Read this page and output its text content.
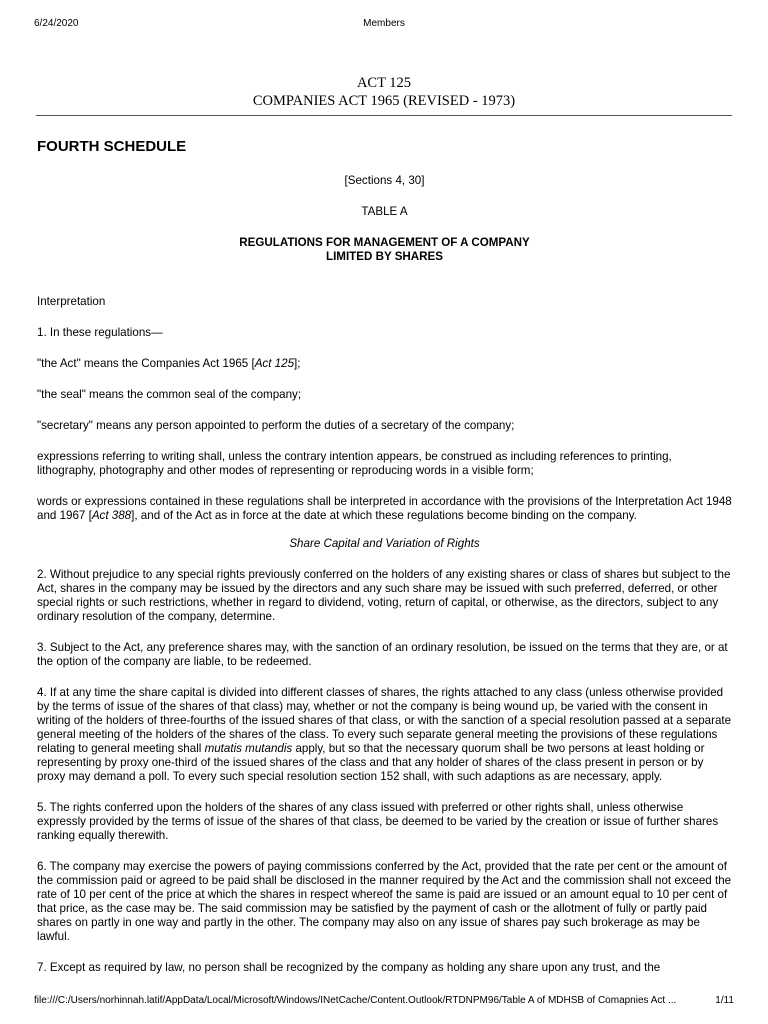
6/24/2020	Members
ACT 125
COMPANIES ACT 1965 (REVISED - 1973)

FOURTH SCHEDULE

[Sections 4, 30]

TABLE A

REGULATIONS FOR MANAGEMENT OF A COMPANY
LIMITED BY SHARES

Interpretation

1. In these regulations—

"the Act" means the Companies Act 1965 [Act 125];

"the seal" means the common seal of the company;

"secretary" means any person appointed to perform the duties of a secretary of the company;

expressions referring to writing shall, unless the contrary intention appears, be construed as including references to printing, lithography, photography and other modes of representing or reproducing words in a visible form;

words or expressions contained in these regulations shall be interpreted in accordance with the provisions of the Interpretation Act 1948 and 1967 [Act 388], and of the Act as in force at the date at which these regulations become binding on the company.

Share Capital and Variation of Rights

2. Without prejudice to any special rights previously conferred on the holders of any existing shares or class of shares but subject to the Act, shares in the company may be issued by the directors and any such share may be issued with such preferred, deferred, or other special rights or such restrictions, whether in regard to dividend, voting, return of capital, or otherwise, as the directors, subject to any ordinary resolution of the company, determine.

3. Subject to the Act, any preference shares may, with the sanction of an ordinary resolution, be issued on the terms that they are, or at the option of the company are liable, to be redeemed.

4. If at any time the share capital is divided into different classes of shares, the rights attached to any class (unless otherwise provided by the terms of issue of the shares of that class) may, whether or not the company is being wound up, be varied with the consent in writing of the holders of three-fourths of the issued shares of that class, or with the sanction of a special resolution passed at a separate general meeting of the holders of the shares of the class. To every such separate general meeting the provisions of these regulations relating to general meeting shall mutatis mutandis apply, but so that the necessary quorum shall be two persons at least holding or representing by proxy one-third of the issued shares of the class and that any holder of shares of the class present in person or by proxy may demand a poll. To every such special resolution section 152 shall, with such adaptions as are necessary, apply.

5. The rights conferred upon the holders of the shares of any class issued with preferred or other rights shall, unless otherwise expressly provided by the terms of issue of the shares of that class, be deemed to be varied by the creation or issue of further shares ranking equally therewith.

6. The company may exercise the powers of paying commissions conferred by the Act, provided that the rate per cent or the amount of the commission paid or agreed to be paid shall be disclosed in the manner required by the Act and the commission shall not exceed the rate of 10 per cent of the price at which the shares in respect whereof the same is paid are issued or an amount equal to 10 per cent of that price, as the case may be. The said commission may be satisfied by the payment of cash or the allotment of fully or partly paid shares on partly in one way and partly in the other. The company may also on any issue of shares pay such brokerage as may be lawful.

7. Except as required by law, no person shall be recognized by the company as holding any share upon any trust, and the

file:///C:/Users/norhinnah.latif/AppData/Local/Microsoft/Windows/INetCache/Content.Outlook/RTDNPM96/Table A of MDHSB of Comapnies Act ...	1/11
